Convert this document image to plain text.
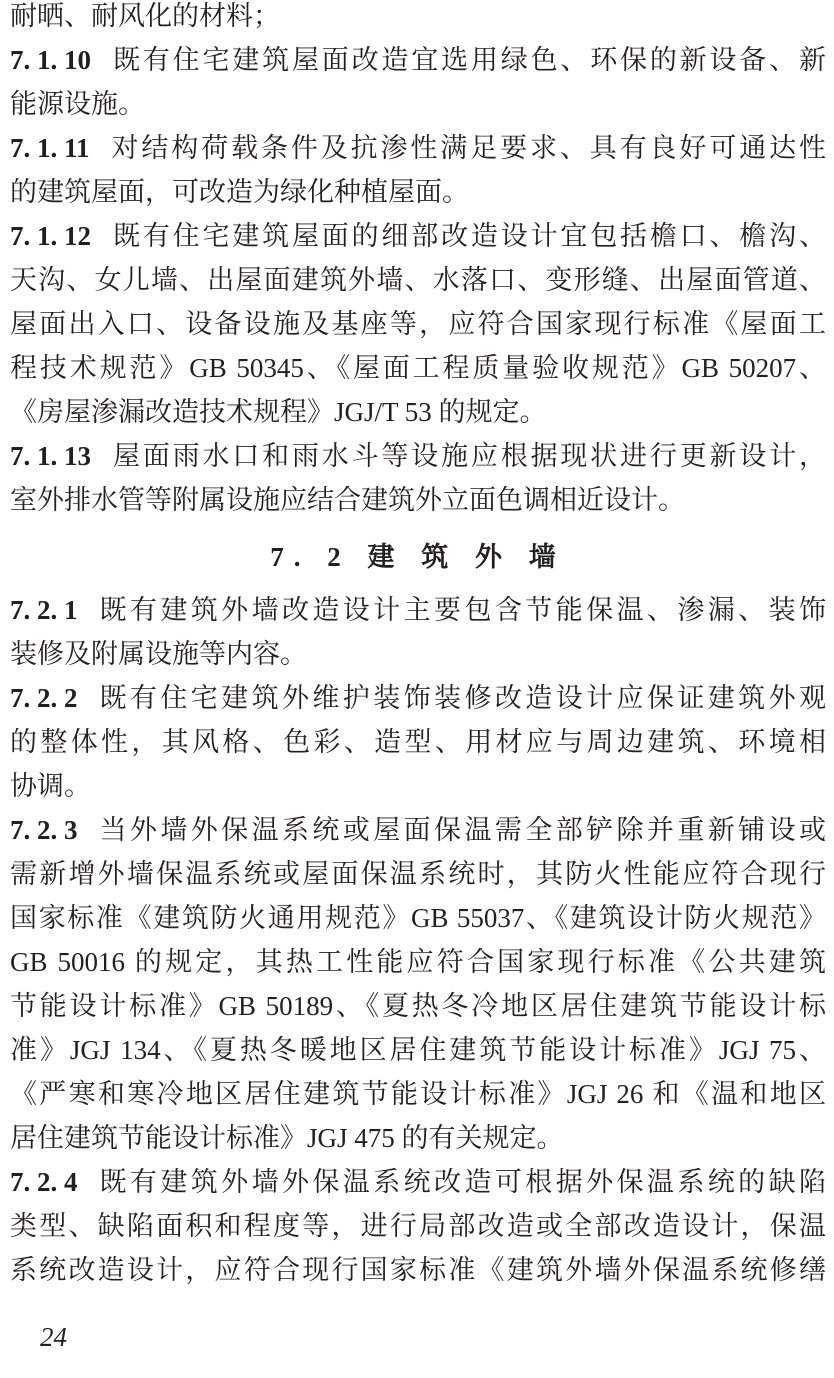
耐晒、耐风化的材料；
7. 1. 10 既有住宅建筑屋面改造宜选用绿色、环保的新设备、新
能源设施。
7. 1. 11 对结构荷载条件及抗渗性满足要求、具有良好可通达性
的建筑屋面，可改造为绿化种植屋面。
7. 1. 12 既有住宅建筑屋面的细部改造设计宜包括檐口、檐沟、
天沟、女儿墙、出屋面建筑外墙、水落口、变形缝、出屋面管道、
屋面出入口、设备设施及基座等，应符合国家现行标准《屋面工
程技术规范》GB 50345、《屋面工程质量验收规范》GB 50207、
《房屋渗漏改造技术规程》JGJ/T 53 的规定。
7. 1. 13 屋面雨水口和雨水斗等设施应根据现状进行更新设计，
室外排水管等附属设施应结合建筑外立面色调相近设计。
7. 2 建 筑 外 墙
7. 2. 1 既有建筑外墙改造设计主要包含节能保温、渗漏、装饰
装修及附属设施等内容。
7. 2. 2 既有住宅建筑外维护装饰装修改造设计应保证建筑外观
的整体性，其风格、色彩、造型、用材应与周边建筑、环境相
协调。
7. 2. 3 当外墙外保温系统或屋面保温需全部铲除并重新铺设或
需新增外墙保温系统或屋面保温系统时，其防火性能应符合现行
国家标准《建筑防火通用规范》GB 55037、《建筑设计防火规范》
GB 50016 的规定，其热工性能应符合国家现行标准《公共建筑
节能设计标准》GB 50189、《夏热冬冷地区居住建筑节能设计标
准》JGJ 134、《夏热冬暖地区居住建筑节能设计标准》JGJ 75、
《严寒和寒冷地区居住建筑节能设计标准》JGJ 26 和《温和地区
居住建筑节能设计标准》JGJ 475 的有关规定。
7. 2. 4 既有建筑外墙外保温系统改造可根据外保温系统的缺陷
类型、缺陷面积和程度等，进行局部改造或全部改造设计，保温
系统改造设计，应符合现行国家标准《建筑外墙外保温系统修缮
24
